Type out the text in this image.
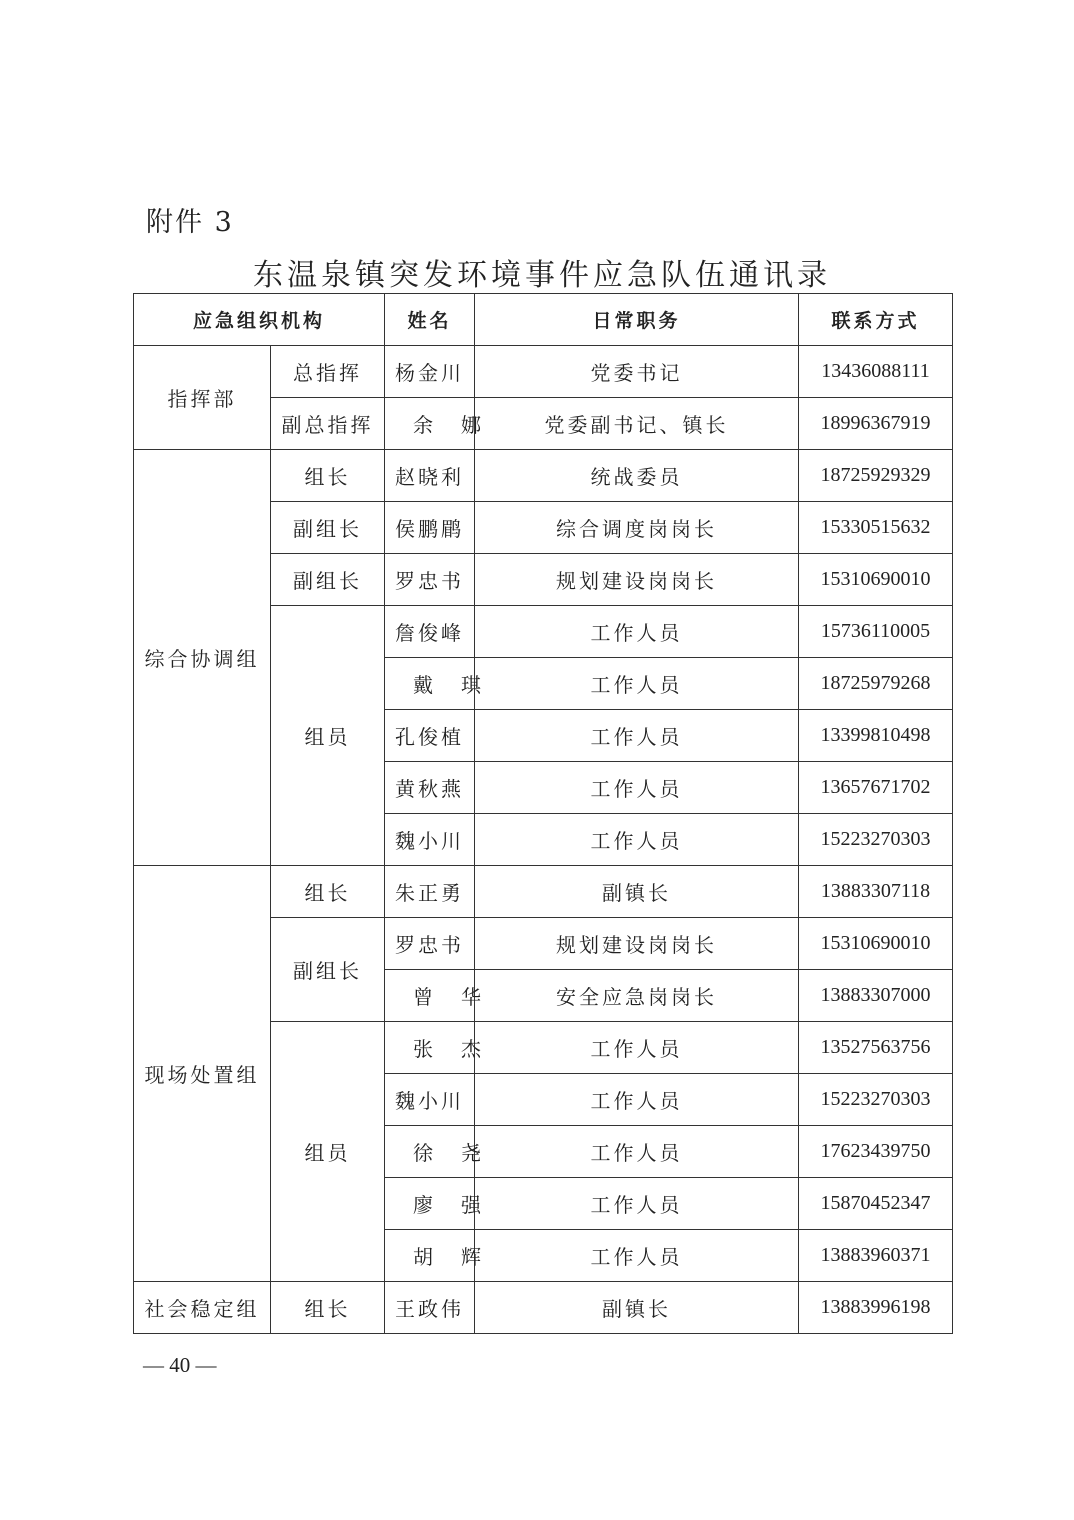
附件 3
东温泉镇突发环境事件应急队伍通讯录
应急组织机构		姓名	日常职务	联系方式
指挥部	总指挥	杨金川	党委书记	13436088111
	副总指挥	余娜	党委副书记、镇长	18996367919
综合协调组	组长	赵晓利	统战委员	18725929329
	副组长	侯鹏鹛	综合调度岗岗长	15330515632
	副组长	罗忠书	规划建设岗岗长	15310690010
	组员	詹俊峰	工作人员	15736110005
		戴琪	工作人员	18725979268
		孔俊植	工作人员	13399810498
		黄秋燕	工作人员	13657671702
		魏小川	工作人员	15223270303
现场处置组	组长	朱正勇	副镇长	13883307118
	副组长	罗忠书	规划建设岗岗长	15310690010
		曾华	安全应急岗岗长	13883307000
	组员	张杰	工作人员	13527563756
		魏小川	工作人员	15223270303
		徐尧	工作人员	17623439750
		廖强	工作人员	15870452347
		胡辉	工作人员	13883960371
社会稳定组	组长	王政伟	副镇长	13883996198
— 40 —
